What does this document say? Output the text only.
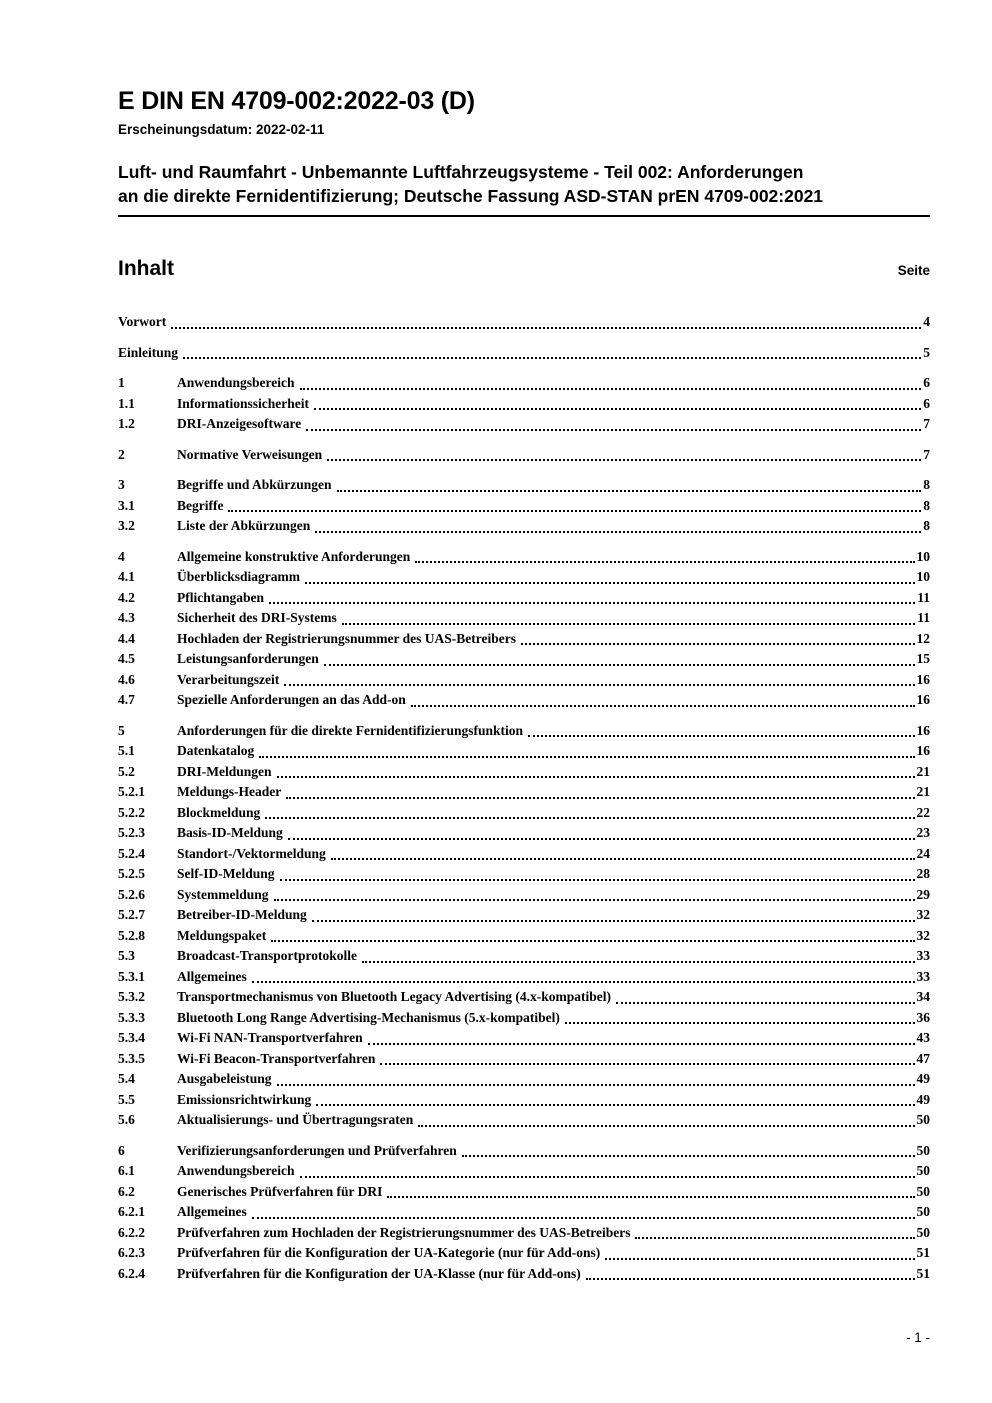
E DIN EN 4709-002:2022-03 (D)
Erscheinungsdatum: 2022-02-11
Luft- und Raumfahrt - Unbemannte Luftfahrzeugsysteme - Teil 002: Anforderungen
an die direkte Fernidentifizierung; Deutsche Fassung ASD-STAN prEN 4709-002:2021
Inhalt	Seite
Vorwort	4
Einleitung	5
1	Anwendungsbereich	6
1.1	Informationssicherheit	6
1.2	DRI-Anzeigesoftware	7
2	Normative Verweisungen	7
3	Begriffe und Abkürzungen	8
3.1	Begriffe	8
3.2	Liste der Abkürzungen	8
4	Allgemeine konstruktive Anforderungen	10
4.1	Überblicksdiagramm	10
4.2	Pflichtangaben	11
4.3	Sicherheit des DRI-Systems	11
4.4	Hochladen der Registrierungsnummer des UAS-Betreibers	12
4.5	Leistungsanforderungen	15
4.6	Verarbeitungszeit	16
4.7	Spezielle Anforderungen an das Add-on	16
5	Anforderungen für die direkte Fernidentifizierungsfunktion	16
5.1	Datenkatalog	16
5.2	DRI-Meldungen	21
5.2.1	Meldungs-Header	21
5.2.2	Blockmeldung	22
5.2.3	Basis-ID-Meldung	23
5.2.4	Standort-/Vektormeldung	24
5.2.5	Self-ID-Meldung	28
5.2.6	Systemmeldung	29
5.2.7	Betreiber-ID-Meldung	32
5.2.8	Meldungspaket	32
5.3	Broadcast-Transportprotokolle	33
5.3.1	Allgemeines	33
5.3.2	Transportmechanismus von Bluetooth Legacy Advertising (4.x-kompatibel)	34
5.3.3	Bluetooth Long Range Advertising-Mechanismus (5.x-kompatibel)	36
5.3.4	Wi-Fi NAN-Transportverfahren	43
5.3.5	Wi-Fi Beacon-Transportverfahren	47
5.4	Ausgabeleistung	49
5.5	Emissionsrichtwirkung	49
5.6	Aktualisierungs- und Übertragungsraten	50
6	Verifizierungsanforderungen und Prüfverfahren	50
6.1	Anwendungsbereich	50
6.2	Generisches Prüfverfahren für DRI	50
6.2.1	Allgemeines	50
6.2.2	Prüfverfahren zum Hochladen der Registrierungsnummer des UAS-Betreibers	50
6.2.3	Prüfverfahren für die Konfiguration der UA-Kategorie (nur für Add-ons)	51
6.2.4	Prüfverfahren für die Konfiguration der UA-Klasse (nur für Add-ons)	51
- 1 -
